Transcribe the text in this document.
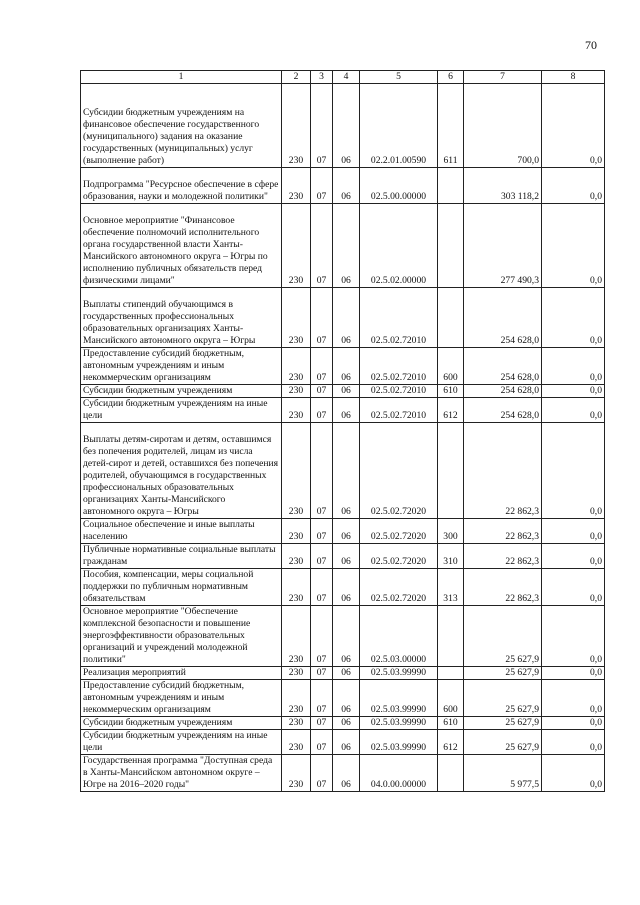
70
1	2	3	4	5	6	7	8
Субсидии бюджетным учреждениям на финансовое обеспечение государственного (муниципального) задания на оказание государственных (муниципальных) услуг (выполнение работ)	230	07	06	02.2.01.00590	611	700,0	0,0
Подпрограмма "Ресурсное обеспечение в сфере образования, науки и молодежной политики"	230	07	06	02.5.00.00000		303 118,2	0,0
Основное мероприятие "Финансовое обеспечение полномочий исполнительного органа государственной власти Ханты-Мансийского автономного округа – Югры по исполнению публичных обязательств перед физическими лицами"	230	07	06	02.5.02.00000		277 490,3	0,0
Выплаты стипендий обучающимся в государственных профессиональных образовательных организациях Ханты-Мансийского автономного округа – Югры	230	07	06	02.5.02.72010		254 628,0	0,0
Предоставление субсидий бюджетным, автономным учреждениям и иным некоммерческим организациям	230	07	06	02.5.02.72010	600	254 628,0	0,0
Субсидии бюджетным учреждениям	230	07	06	02.5.02.72010	610	254 628,0	0,0
Субсидии бюджетным учреждениям на иные цели	230	07	06	02.5.02.72010	612	254 628,0	0,0
Выплаты детям-сиротам и детям, оставшимся без попечения родителей, лицам из числа детей-сирот и детей, оставшихся без попечения родителей, обучающимся в государственных профессиональных образовательных организациях Ханты-Мансийского автономного округа – Югры	230	07	06	02.5.02.72020		22 862,3	0,0
Социальное обеспечение и иные выплаты населению	230	07	06	02.5.02.72020	300	22 862,3	0,0
Публичные нормативные социальные выплаты гражданам	230	07	06	02.5.02.72020	310	22 862,3	0,0
Пособия, компенсации, меры социальной поддержки по публичным нормативным обязательствам	230	07	06	02.5.02.72020	313	22 862,3	0,0
Основное мероприятие "Обеспечение комплексной безопасности и повышение энергоэффективности образовательных организаций и учреждений молодежной политики"	230	07	06	02.5.03.00000		25 627,9	0,0
Реализация мероприятий	230	07	06	02.5.03.99990		25 627,9	0,0
Предоставление субсидий бюджетным, автономным учреждениям и иным некоммерческим организациям	230	07	06	02.5.03.99990	600	25 627,9	0,0
Субсидии бюджетным учреждениям	230	07	06	02.5.03.99990	610	25 627,9	0,0
Субсидии бюджетным учреждениям на иные цели	230	07	06	02.5.03.99990	612	25 627,9	0,0
Государственная программа "Доступная среда в Ханты-Мансийском автономном округе – Югре на 2016–2020 годы"	230	07	06	04.0.00.00000		5 977,5	0,0
